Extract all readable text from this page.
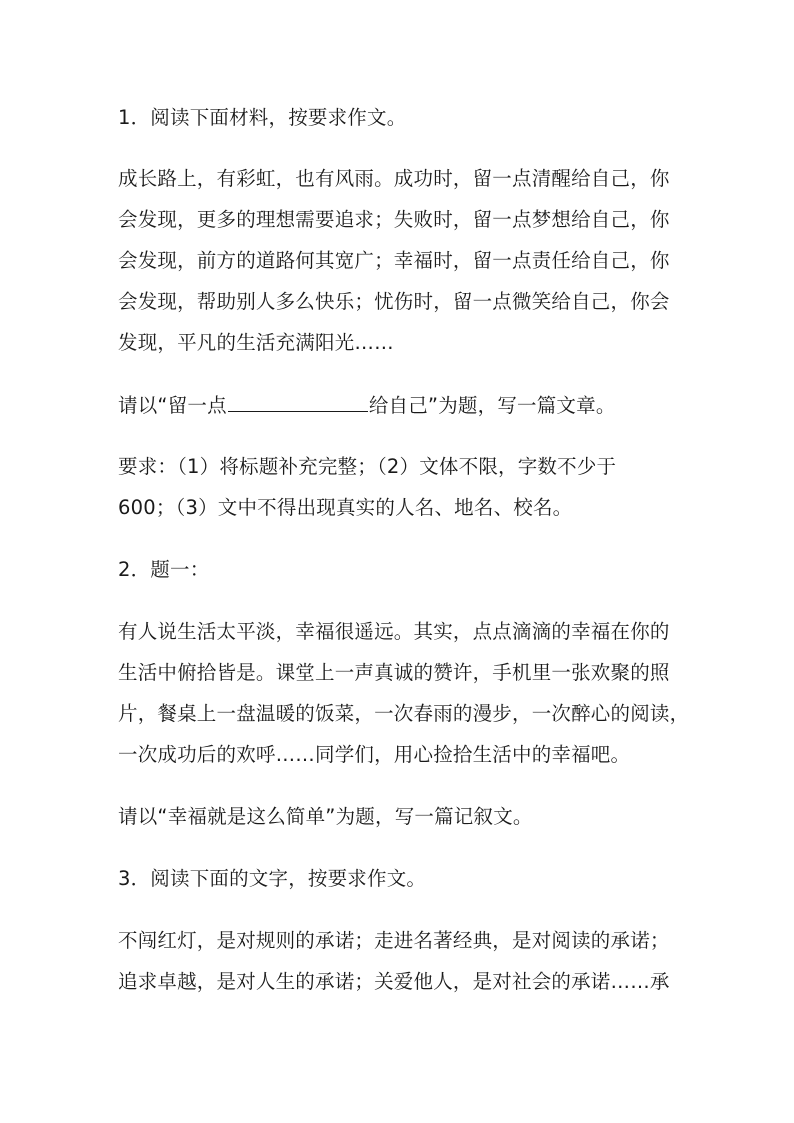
1．阅读下面材料，按要求作文。
成长路上，有彩虹，也有风雨。成功时，留一点清醒给自己，你
会发现，更多的理想需要追求；失败时，留一点梦想给自己，你
会发现，前方的道路何其宽广；幸福时，留一点责任给自己，你
会发现，帮助别人多么快乐；忧伤时，留一点微笑给自己，你会
发现，平凡的生活充满阳光……
请以“留一点	给自己”为题，写一篇文章。
要求：（1）将标题补充完整；（2）文体不限，字数不少于
600；（3）文中不得出现真实的人名、地名、校名。
2．题一：
有人说生活太平淡，幸福很遥远。其实，点点滴滴的幸福在你的
生活中俯拾皆是。课堂上一声真诚的赞许，手机里一张欢聚的照
片，餐桌上一盘温暖的饭菜，一次春雨的漫步，一次醉心的阅读，
一次成功后的欢呼……同学们，用心捡拾生活中的幸福吧。
请以“幸福就是这么简单”为题，写一篇记叙文。
3．阅读下面的文字，按要求作文。
不闯红灯，是对规则的承诺；走进名著经典，是对阅读的承诺；
追求卓越，是对人生的承诺；关爱他人，是对社会的承诺……承
